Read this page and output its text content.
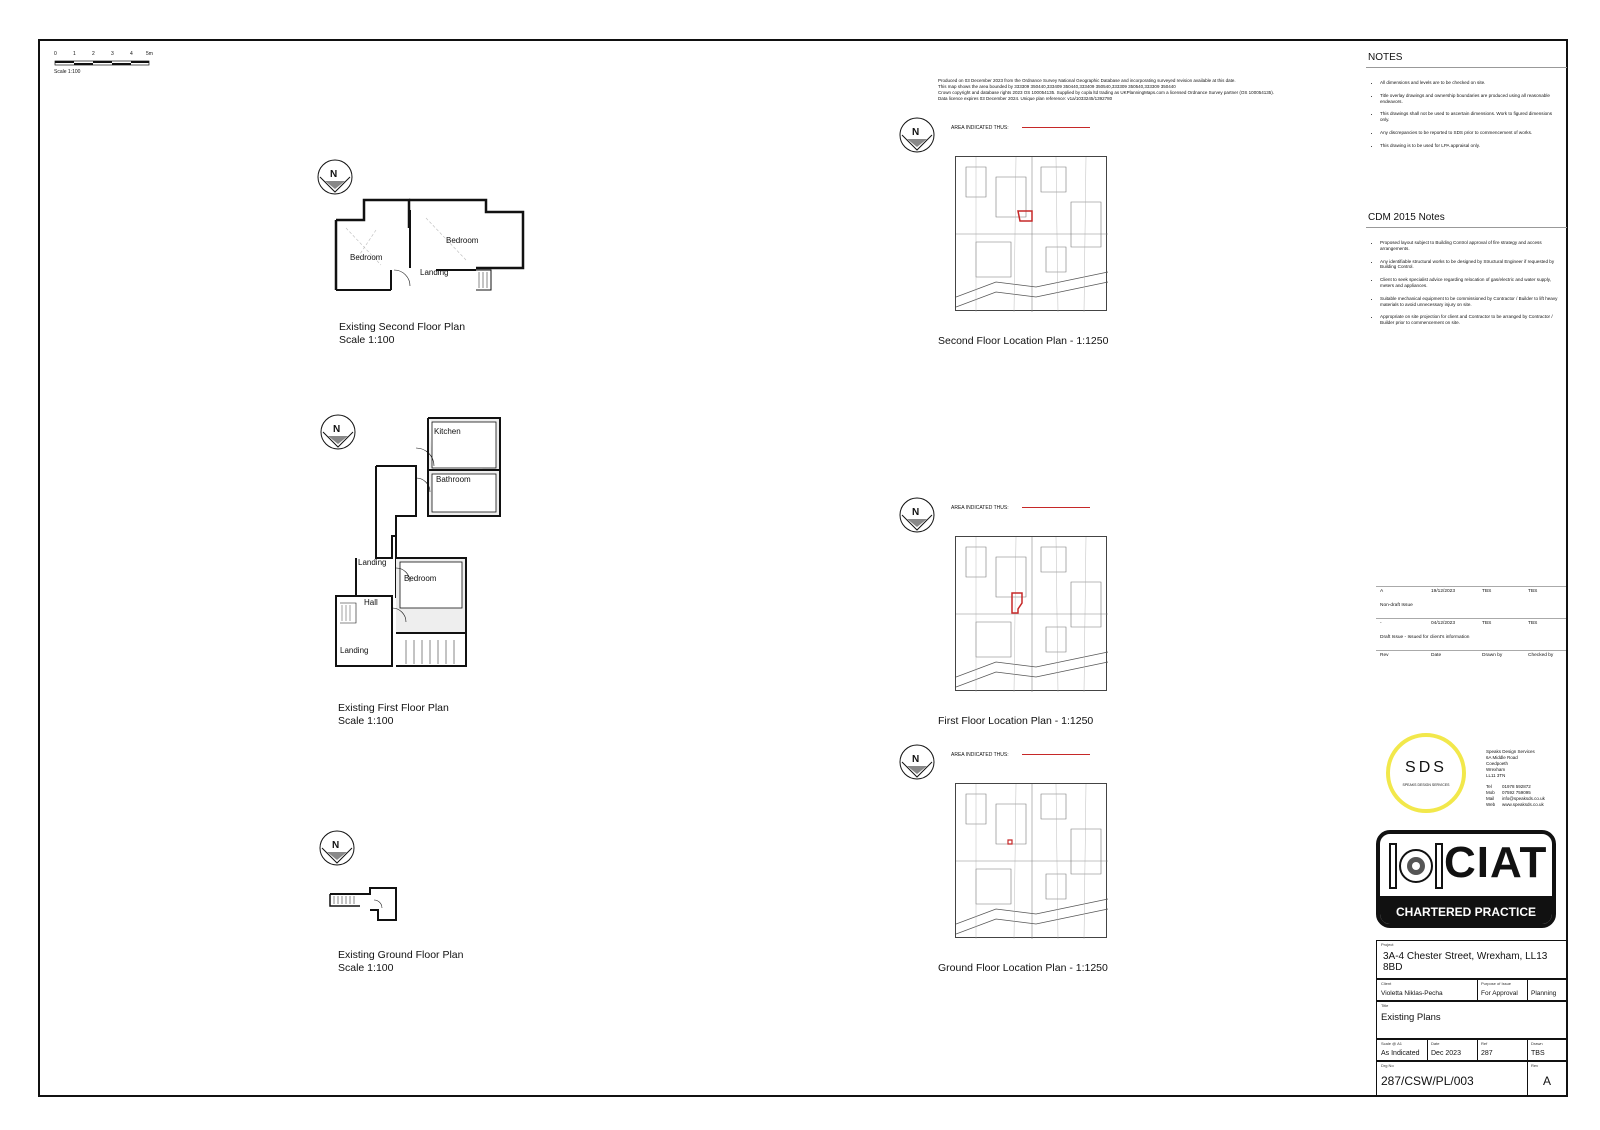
0	1	2	3	4	5m
Scale 1:100
N
Bedroom
Bedroom
Landing
Existing Second Floor Plan
Scale 1:100
N	Kitchen
Bathroom
Landing
Bedroom
Hall
Landing
Existing First Floor Plan
Scale 1:100
N
Existing Ground Floor Plan
Scale 1:100
Produced on 03 December 2023 from the Ordnance Survey National Geographic Database and incorporating surveyed revision available at this date.
This map shows the area bounded by 333309 350440,333409 350440,333409 350540,333309 350540,333309 350440
Crown copyright and database rights 2023 OS 100054135. Supplied by copla ltd trading as UKPlanningMaps.com a licensed Ordnance Survey partner (OS 100054135).
Data licence expires 03 December 2024. Unique plan reference: v1a/1033245/1392780
N	AREA INDICATED THUS:
Second Floor Location Plan - 1:1250
N	AREA INDICATED THUS:
First Floor Location Plan - 1:1250
N	AREA INDICATED THUS:
Ground Floor Location Plan - 1:1250
NOTES
• All dimensions and levels are to be checked on site.
• Title overlay drawings and ownership boundaries are produced using all reasonable endeavors.
• This drawings shall not be used to ascertain dimensions. Work to figured dimensions only.
• Any discrepancies to be reported to SDS prior to commencement of works.
• This drawing is to be used for LPA appraisal only.
CDM 2015 Notes
• Proposed layout subject to Building Control approval of fire strategy and access arrangements.
• Any identifiable structural works to be designed by Structural Engineer if requested by Building Control.
• Client to seek specialist advice regarding relocation of gas/electric and water supply, meters and appliances.
• Suitable mechanical equipment to be commissioned by Contractor / Builder to lift heavy materials to avoid unnecessary injury on site.
• Appropriate on site projection for client and Contractor to be arranged by Contractor / Builder prior to commencement on site.
A	19/12/2023	TBS	TBS
Non-draft Issue
-	04/12/2023	TBS	TBS
Draft Issue - Issued for client's information
Rev	Date	Drawn by	Checked by
SDS
SPEAKS DESIGN SERVICES
Speaks Design Services
6A Middle Road
Coedpoeth
Wrexham
LL11 3TN
Tel 01978 592872
Mob 07592 759095
Mail info@speaksds.co.uk
Web www.speaksds.co.uk
CIAT
CHARTERED PRACTICE
Project
3A-4 Chester Street, Wrexham, LL13 8BD
Client
Violetta Niklas-Pecha
Purpose of Issue
For Approval Planning
Title
Existing Plans
Scale @ A1
As Indicated
Date
Dec 2023
Ref
287
Drawn
TBS
Drg No
287/CSW/PL/003
Rev
A
